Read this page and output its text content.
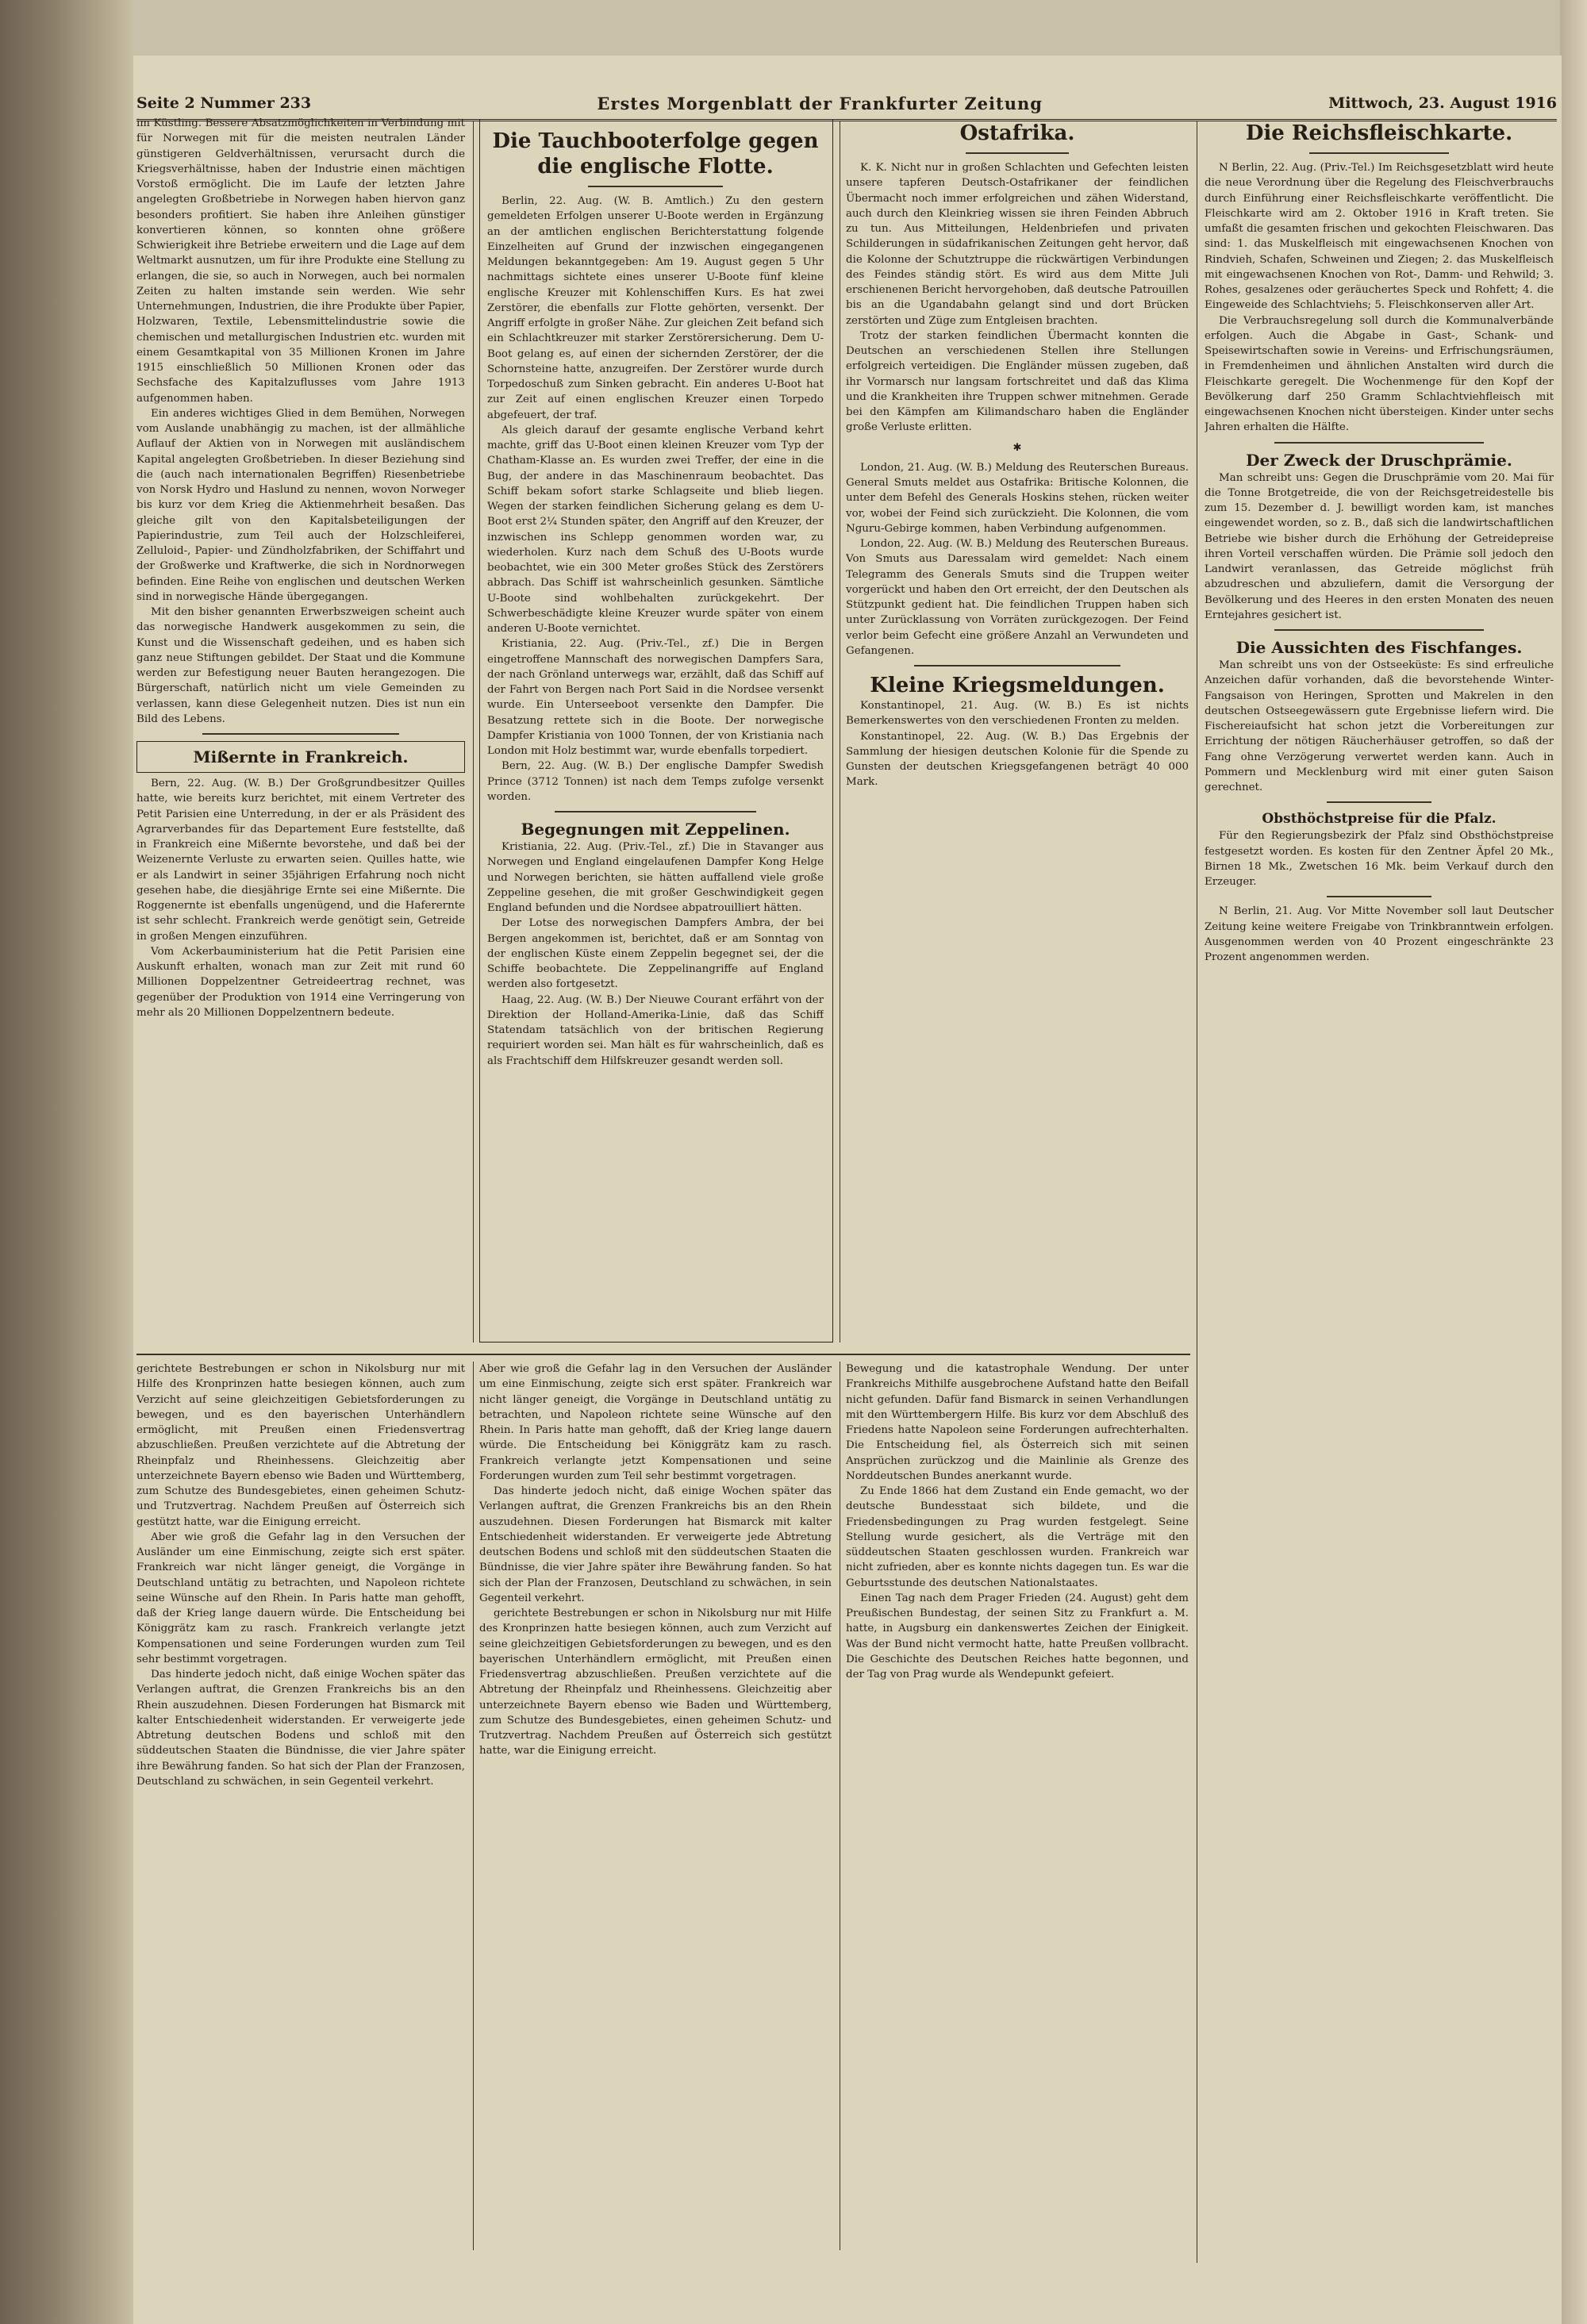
Seite 2 Nummer 233	Erstes Morgenblatt der Frankfurter Zeitung	Mittwoch, 23. August 1916

im Küstling. Bessere Absatzmöglichkeiten in Verbindung mit für Norwegen mit für die meisten neutralen Länder günstigeren Geldverhältnissen, verursacht durch die Kriegsverhältnisse, haben der Industrie einen mächtigen Vorstoß ermöglicht. Die im Laufe der letzten Jahre angelegten Großbetriebe in Norwegen haben hiervon ganz besonders profitiert. Sie haben ihre Anleihen günstiger konvertieren können, so konnten ohne größere Schwierigkeit ihre Betriebe erweitern und die Lage auf dem Weltmarkt ausnutzen, um für ihre Produkte eine Stellung zu erlangen, die sie, so auch in Norwegen, auch bei normalen Zeiten zu halten imstande sein werden. Wie sehr Unternehmungen, Industrien, die ihre Produkte über Papier, Holzwaren, Textile, Lebensmittelindustrie sowie die chemischen und metallurgischen Industrien etc. wurden mit einem Gesamtkapital von 35 Millionen Kronen im Jahre 1915 einschließlich 50 Millionen Kronen oder das Sechsfache des Kapitalzuflusses vom Jahre 1913 aufgenommen haben.

Ein anderes wichtiges Glied in dem Bemühen, Norwegen vom Auslande unabhängig zu machen, ist der allmähliche Auflauf der Aktien von in Norwegen mit ausländischem Kapital angelegten Großbetrieben. In dieser Beziehung sind die (auch nach internationalen Begriffen) Riesenbetriebe von Norsk Hydro und Haslund zu nennen, wovon Norweger bis kurz vor dem Krieg die Aktienmehrheit besaßen. Das gleiche gilt von den Kapitalsbeteiligungen der Papierindustrie, zum Teil auch der Holzschleiferei, Zelluloid-, Papier- und Zündholzfabriken, der Schiffahrt und der Großwerke und Kraftwerke, die sich in Nordnorwegen befinden. Eine Reihe von englischen und deutschen Werken sind in norwegische Hände übergegangen.

Mit den bisher genannten Erwerbszweigen scheint auch das norwegische Handwerk ausgekommen zu sein, die Kunst und die Wissenschaft gedeihen, und es haben sich ganz neue Stiftungen gebildet. Der Staat und die Kommune werden zur Befestigung neuer Bauten herangezogen. Die Bürgerschaft, natürlich nicht um viele Gemeinden zu verlassen, kann diese Gelegenheit nutzen. Dies ist nun ein Bild des Lebens.

Mißernte in Frankreich.

Bern, 22. Aug. (W. B.) Der Großgrundbesitzer Quilles hatte, wie bereits kurz berichtet, mit einem Vertreter des Petit Parisien eine Unterredung, in der er als Präsident des Agrarverbandes für das Departement Eure feststellte, daß in Frankreich eine Mißernte bevorstehe, und daß bei der Weizenernte Verluste zu erwarten seien. Quilles hatte, wie er als Landwirt in seiner 35jährigen Erfahrung noch nicht gesehen habe, die diesjährige Ernte sei eine Mißernte. Die Roggenernte ist ebenfalls ungenügend, und die Haferernte ist sehr schlecht. Frankreich werde genötigt sein, Getreide in großen Mengen einzuführen.

Vom Ackerbauministerium hat die Petit Parisien eine Auskunft erhalten, wonach man zur Zeit mit rund 60 Millionen Doppelzentner Getreideertrag rechnet, was gegenüber der Produktion von 1914 eine Verringerung von mehr als 20 Millionen Doppelzentnern bedeute.

Die Tauchbooterfolge gegen die englische Flotte.

Berlin, 22. Aug. (W. B. Amtlich.) Zu den gestern gemeldeten Erfolgen unserer U-Boote werden in Ergänzung an der amtlichen englischen Berichterstattung folgende Einzelheiten auf Grund der inzwischen eingegangenen Meldungen bekanntgegeben: Am 19. August gegen 5 Uhr nachmittags sichtete eines unserer U-Boote fünf kleine englische Kreuzer mit Kohlenschiffen Kurs. Es hat zwei Zerstörer, die ebenfalls zur Flotte gehörten, versenkt. Der Angriff erfolgte in großer Nähe. Zur gleichen Zeit befand sich ein Schlachtkreuzer mit starker Zerstörersicherung. Dem U-Boot gelang es, auf einen der sichernden Zerstörer, der die Schornsteine hatte, anzugreifen. Der Zerstörer wurde durch Torpedoschuß zum Sinken gebracht. Ein anderes U-Boot hat zur Zeit auf einen englischen Kreuzer einen Torpedo abgefeuert, der traf.

Als gleich darauf der gesamte englische Verband kehrt machte, griff das U-Boot einen kleinen Kreuzer vom Typ der Chatham-Klasse an. Es wurden zwei Treffer, der eine in die Bug, der andere in das Maschinenraum beobachtet. Das Schiff bekam sofort starke Schlagseite und blieb liegen. Wegen der starken feindlichen Sicherung gelang es dem U-Boot erst 2¼ Stunden später, den Angriff auf den Kreuzer, der inzwischen ins Schlepp genommen worden war, zu wiederholen. Kurz nach dem Schuß des U-Boots wurde beobachtet, wie ein 300 Meter großes Stück des Zerstörers abbrach. Das Schiff ist wahrscheinlich gesunken. Sämtliche U-Boote sind wohlbehalten zurückgekehrt. Der Schwerbeschädigte kleine Kreuzer wurde später von einem anderen U-Boote vernichtet.

Kristiania, 22. Aug. (Priv.-Tel., zf.) Die in Bergen eingetroffene Mannschaft des norwegischen Dampfers Sara, der nach Grönland unterwegs war, erzählt, daß das Schiff auf der Fahrt von Bergen nach Port Said in die Nordsee versenkt wurde. Ein Unterseeboot versenkte den Dampfer. Die Besatzung rettete sich in die Boote. Der norwegische Dampfer Kristiania von 1000 Tonnen, der von Kristiania nach London mit Holz bestimmt war, wurde ebenfalls torpediert.

Bern, 22. Aug. (W. B.) Der englische Dampfer Swedish Prince (3712 Tonnen) ist nach dem Temps zufolge versenkt worden.

Begegnungen mit Zeppelinen.

Kristiania, 22. Aug. (Priv.-Tel., zf.) Die in Stavanger aus Norwegen und England eingelaufenen Dampfer Kong Helge und Norwegen berichten, sie hätten auffallend viele große Zeppeline gesehen, die mit großer Geschwindigkeit gegen England befunden und die Nordsee abpatrouilliert hätten.

Der Lotse des norwegischen Dampfers Ambra, der bei Bergen angekommen ist, berichtet, daß er am Sonntag von der englischen Küste einem Zeppelin begegnet sei, der die Schiffe beobachtete. Die Zeppelinangriffe auf England werden also fortgesetzt.

Haag, 22. Aug. (W. B.) Der Nieuwe Courant erfährt von der Direktion der Holland-Amerika-Linie, daß das Schiff Statendam tatsächlich von der britischen Regierung requiriert worden sei. Man hält es für wahrscheinlich, daß es als Frachtschiff dem Hilfskreuzer gesandt werden soll.

Ostafrika.

K. K. Nicht nur in großen Schlachten und Gefechten leisten unsere tapferen Deutsch-Ostafrikaner der feindlichen Übermacht noch immer erfolgreichen und zähen Widerstand, auch durch den Kleinkrieg wissen sie ihren Feinden Abbruch zu tun. Aus Mitteilungen, Heldenbriefen und privaten Schilderungen in südafrikanischen Zeitungen geht hervor, daß die Kolonne der Schutztruppe die rückwärtigen Verbindungen des Feindes ständig stört. Es wird aus dem Mitte Juli erschienenen Bericht hervorgehoben, daß deutsche Patrouillen bis an die Ugandabahn gelangt sind und dort Brücken zerstörten und Züge zum Entgleisen brachten.

Trotz der starken feindlichen Übermacht konnten die Deutschen an verschiedenen Stellen ihre Stellungen erfolgreich verteidigen. Die Engländer müssen zugeben, daß ihr Vormarsch nur langsam fortschreitet und daß das Klima und die Krankheiten ihre Truppen schwer mitnehmen. Gerade bei den Kämpfen am Kilimandscharo haben die Engländer große Verluste erlitten.

✱

London, 21. Aug. (W. B.) Meldung des Reuterschen Bureaus. General Smuts meldet aus Ostafrika: Britische Kolonnen, die unter dem Befehl des Generals Hoskins stehen, rücken weiter vor, wobei der Feind sich zurückzieht. Die Kolonnen, die vom Nguru-Gebirge kommen, haben Verbindung aufgenommen.

London, 22. Aug. (W. B.) Meldung des Reuterschen Bureaus. Von Smuts aus Daressalam wird gemeldet: Nach einem Telegramm des Generals Smuts sind die Truppen weiter vorgerückt und haben den Ort erreicht, der den Deutschen als Stützpunkt gedient hat. Die feindlichen Truppen haben sich unter Zurücklassung von Vorräten zurückgezogen. Der Feind verlor beim Gefecht eine größere Anzahl an Verwundeten und Gefangenen.

Kleine Kriegsmeldungen.

Konstantinopel, 21. Aug. (W. B.) Es ist nichts Bemerkenswertes von den verschiedenen Fronten zu melden.

Konstantinopel, 22. Aug. (W. B.) Das Ergebnis der Sammlung der hiesigen deutschen Kolonie für die Spende zu Gunsten der deutschen Kriegsgefangenen beträgt 40 000 Mark.

Die Reichsfleischkarte.

N Berlin, 22. Aug. (Priv.-Tel.) Im Reichsgesetzblatt wird heute die neue Verordnung über die Regelung des Fleischverbrauchs durch Einführung einer Reichsfleischkarte veröffentlicht. Die Fleischkarte wird am 2. Oktober 1916 in Kraft treten. Sie umfaßt die gesamten frischen und gekochten Fleischwaren. Das sind: 1. das Muskelfleisch mit eingewachsenen Knochen von Rindvieh, Schafen, Schweinen und Ziegen; 2. das Muskelfleisch mit eingewachsenen Knochen von Rot-, Damm- und Rehwild; 3. Rohes, gesalzenes oder geräuchertes Speck und Rohfett; 4. die Eingeweide des Schlachtviehs; 5. Fleischkonserven aller Art.

Die Verbrauchsregelung soll durch die Kommunalverbände erfolgen. Auch die Abgabe in Gast-, Schank- und Speisewirtschaften sowie in Vereins- und Erfrischungsräumen, in Fremdenheimen und ähnlichen Anstalten wird durch die Fleischkarte geregelt. Die Wochenmenge für den Kopf der Bevölkerung darf 250 Gramm Schlachtviehfleisch mit eingewachsenen Knochen nicht übersteigen. Kinder unter sechs Jahren erhalten die Hälfte.

Der Zweck der Druschprämie.

Man schreibt uns: Gegen die Druschprämie vom 20. Mai für die Tonne Brotgetreide, die von der Reichsgetreidestelle bis zum 15. Dezember d. J. bewilligt worden kam, ist manches eingewendet worden, so z. B., daß sich die landwirtschaftlichen Betriebe wie bisher durch die Erhöhung der Getreidepreise ihren Vorteil verschaffen würden. Die Prämie soll jedoch den Landwirt veranlassen, das Getreide möglichst früh abzudreschen und abzuliefern, damit die Versorgung der Bevölkerung und des Heeres in den ersten Monaten des neuen Erntejahres gesichert ist.

Die Aussichten des Fischfanges.

Man schreibt uns von der Ostseeküste: Es sind erfreuliche Anzeichen dafür vorhanden, daß die bevorstehende Winter-Fangsaison von Heringen, Sprotten und Makrelen in den deutschen Ostseegewässern gute Ergebnisse liefern wird. Die Fischereiaufsicht hat schon jetzt die Vorbereitungen zur Errichtung der nötigen Räucherhäuser getroffen, so daß der Fang ohne Verzögerung verwertet werden kann. Auch in Pommern und Mecklenburg wird mit einer guten Saison gerechnet.

Obsthöchstpreise für die Pfalz.

Für den Regierungsbezirk der Pfalz sind Obsthöchstpreise festgesetzt worden. Es kosten für den Zentner Äpfel 20 Mk., Birnen 18 Mk., Zwetschen 16 Mk. beim Verkauf durch den Erzeuger.

N Berlin, 21. Aug. Vor Mitte November soll laut Deutscher Zeitung keine weitere Freigabe von Trinkbranntwein erfolgen. Ausgenommen werden von 40 Prozent eingeschränkte 23 Prozent angenommen werden.

gerichtete Bestrebungen er schon in Nikolsburg nur mit Hilfe des Kronprinzen hatte besiegen können, auch zum Verzicht auf seine gleichzeitigen Gebietsforderungen zu bewegen, und es den bayerischen Unterhändlern ermöglicht, mit Preußen einen Friedensvertrag abzuschließen. Preußen verzichtete auf die Abtretung der Rheinpfalz und Rheinhessens. Gleichzeitig aber unterzeichnete Bayern ebenso wie Baden und Württemberg, zum Schutze des Bundesgebietes, einen geheimen Schutz- und Trutzvertrag. Nachdem Preußen auf Österreich sich gestützt hatte, war die Einigung erreicht.

Aber wie groß die Gefahr lag in den Versuchen der Ausländer um eine Einmischung, zeigte sich erst später. Frankreich war nicht länger geneigt, die Vorgänge in Deutschland untätig zu betrachten, und Napoleon richtete seine Wünsche auf den Rhein. In Paris hatte man gehofft, daß der Krieg lange dauern würde. Die Entscheidung bei Königgrätz kam zu rasch. Frankreich verlangte jetzt Kompensationen und seine Forderungen wurden zum Teil sehr bestimmt vorgetragen.

Das hinderte jedoch nicht, daß einige Wochen später das Verlangen auftrat, die Grenzen Frankreichs bis an den Rhein auszudehnen. Diesen Forderungen hat Bismarck mit kalter Entschiedenheit widerstanden. Er verweigerte jede Abtretung deutschen Bodens und schloß mit den süddeutschen Staaten die Bündnisse, die vier Jahre später ihre Bewährung fanden. So hat sich der Plan der Franzosen, Deutschland zu schwächen, in sein Gegenteil verkehrt.

Aber wie groß die Gefahr lag in den Versuchen der Ausländer um eine Einmischung, zeigte sich erst später. Frankreich war nicht länger geneigt, die Vorgänge in Deutschland untätig zu betrachten, und Napoleon richtete seine Wünsche auf den Rhein. In Paris hatte man gehofft, daß der Krieg lange dauern würde. Die Entscheidung bei Königgrätz kam zu rasch. Frankreich verlangte jetzt Kompensationen und seine Forderungen wurden zum Teil sehr bestimmt vorgetragen.

Das hinderte jedoch nicht, daß einige Wochen später das Verlangen auftrat, die Grenzen Frankreichs bis an den Rhein auszudehnen. Diesen Forderungen hat Bismarck mit kalter Entschiedenheit widerstanden. Er verweigerte jede Abtretung deutschen Bodens und schloß mit den süddeutschen Staaten die Bündnisse, die vier Jahre später ihre Bewährung fanden. So hat sich der Plan der Franzosen, Deutschland zu schwächen, in sein Gegenteil verkehrt.

gerichtete Bestrebungen er schon in Nikolsburg nur mit Hilfe des Kronprinzen hatte besiegen können, auch zum Verzicht auf seine gleichzeitigen Gebietsforderungen zu bewegen, und es den bayerischen Unterhändlern ermöglicht, mit Preußen einen Friedensvertrag abzuschließen. Preußen verzichtete auf die Abtretung der Rheinpfalz und Rheinhessens. Gleichzeitig aber unterzeichnete Bayern ebenso wie Baden und Württemberg, zum Schutze des Bundesgebietes, einen geheimen Schutz- und Trutzvertrag. Nachdem Preußen auf Österreich sich gestützt hatte, war die Einigung erreicht.

Bewegung und die katastrophale Wendung. Der unter Frankreichs Mithilfe ausgebrochene Aufstand hatte den Beifall nicht gefunden. Dafür fand Bismarck in seinen Verhandlungen mit den Württembergern Hilfe. Bis kurz vor dem Abschluß des Friedens hatte Napoleon seine Forderungen aufrechterhalten. Die Entscheidung fiel, als Österreich sich mit seinen Ansprüchen zurückzog und die Mainlinie als Grenze des Norddeutschen Bundes anerkannt wurde.

Zu Ende 1866 hat dem Zustand ein Ende gemacht, wo der deutsche Bundesstaat sich bildete, und die Friedensbedingungen zu Prag wurden festgelegt. Seine Stellung wurde gesichert, als die Verträge mit den süddeutschen Staaten geschlossen wurden. Frankreich war nicht zufrieden, aber es konnte nichts dagegen tun. Es war die Geburtsstunde des deutschen Nationalstaates.

Einen Tag nach dem Prager Frieden (24. August) geht dem Preußischen Bundestag, der seinen Sitz zu Frankfurt a. M. hatte, in Augsburg ein dankenswertes Zeichen der Einigkeit. Was der Bund nicht vermocht hatte, hatte Preußen vollbracht. Die Geschichte des Deutschen Reiches hatte begonnen, und der Tag von Prag wurde als Wendepunkt gefeiert.
